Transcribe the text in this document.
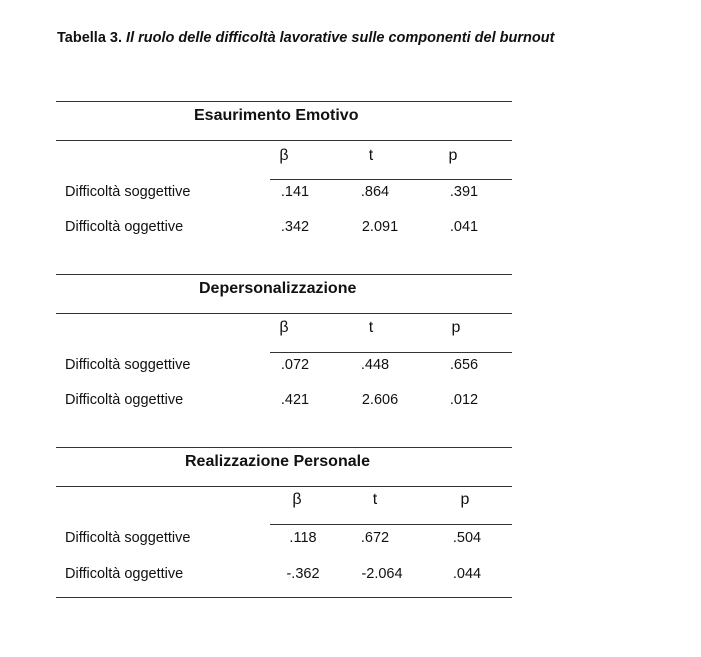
Tabella 3. Il ruolo delle difficoltà lavorative sulle componenti del burnout
Esaurimento Emotivo
β	t	p
Difficoltà soggettive	.141	.864	.391
Difficoltà oggettive	.342	2.091	.041
Depersonalizzazione
β	t	p
Difficoltà soggettive	.072	.448	.656
Difficoltà oggettive	.421	2.606	.012
Realizzazione Personale
β	t	p
Difficoltà soggettive	.118	.672	.504
Difficoltà oggettive	-.362	-2.064	.044
